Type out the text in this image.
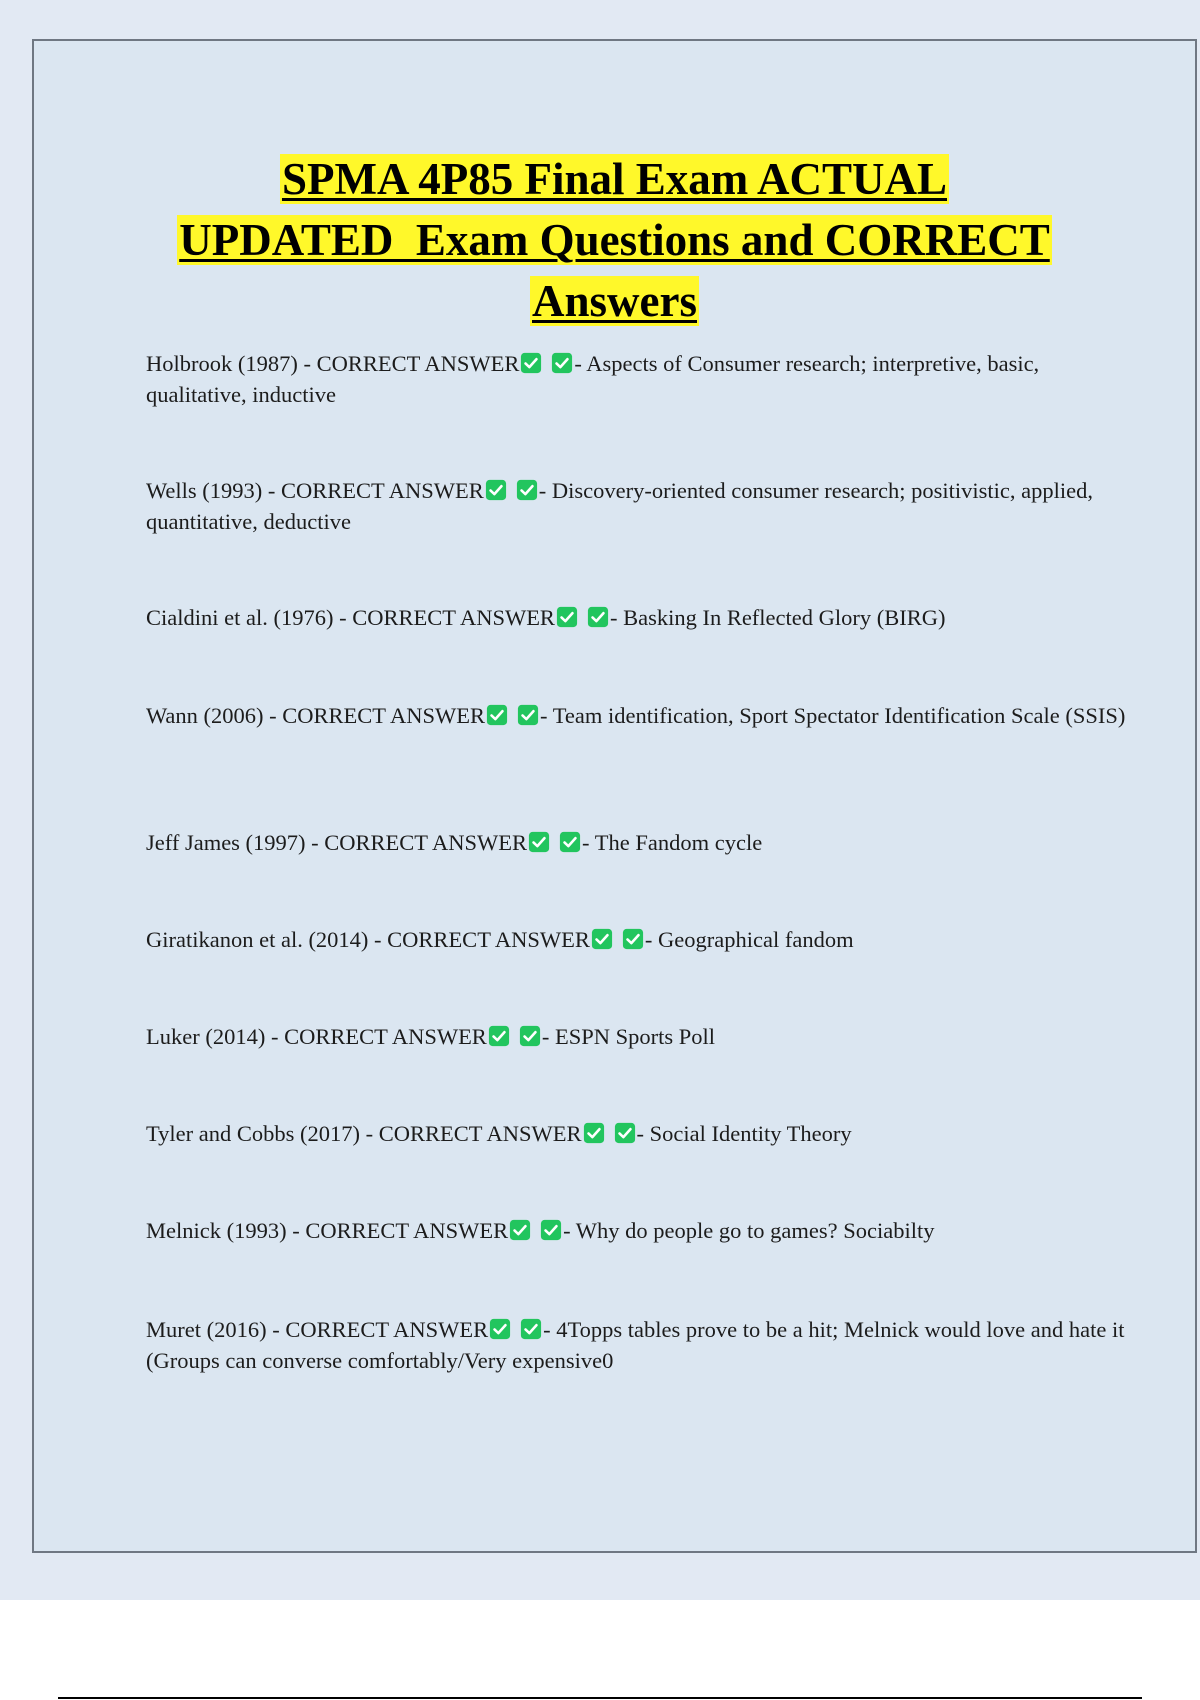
SPMA 4P85 Final Exam ACTUAL
UPDATED  Exam Questions and CORRECT
Answers

Holbrook (1987) - CORRECT ANSWER - Aspects of Consumer research; interpretive, basic, qualitative, inductive

Wells (1993) - CORRECT ANSWER - Discovery-oriented consumer research; positivistic, applied, quantitative, deductive

Cialdini et al. (1976) - CORRECT ANSWER - Basking In Reflected Glory (BIRG)

Wann (2006) - CORRECT ANSWER - Team identification, Sport Spectator Identification Scale (SSIS)

Jeff James (1997) - CORRECT ANSWER - The Fandom cycle

Giratikanon et al. (2014) - CORRECT ANSWER - Geographical fandom

Luker (2014) - CORRECT ANSWER - ESPN Sports Poll

Tyler and Cobbs (2017) - CORRECT ANSWER - Social Identity Theory

Melnick (1993) - CORRECT ANSWER - Why do people go to games? Sociabilty

Muret (2016) - CORRECT ANSWER - 4Topps tables prove to be a hit; Melnick would love and hate it (Groups can converse comfortably/Very expensive0
